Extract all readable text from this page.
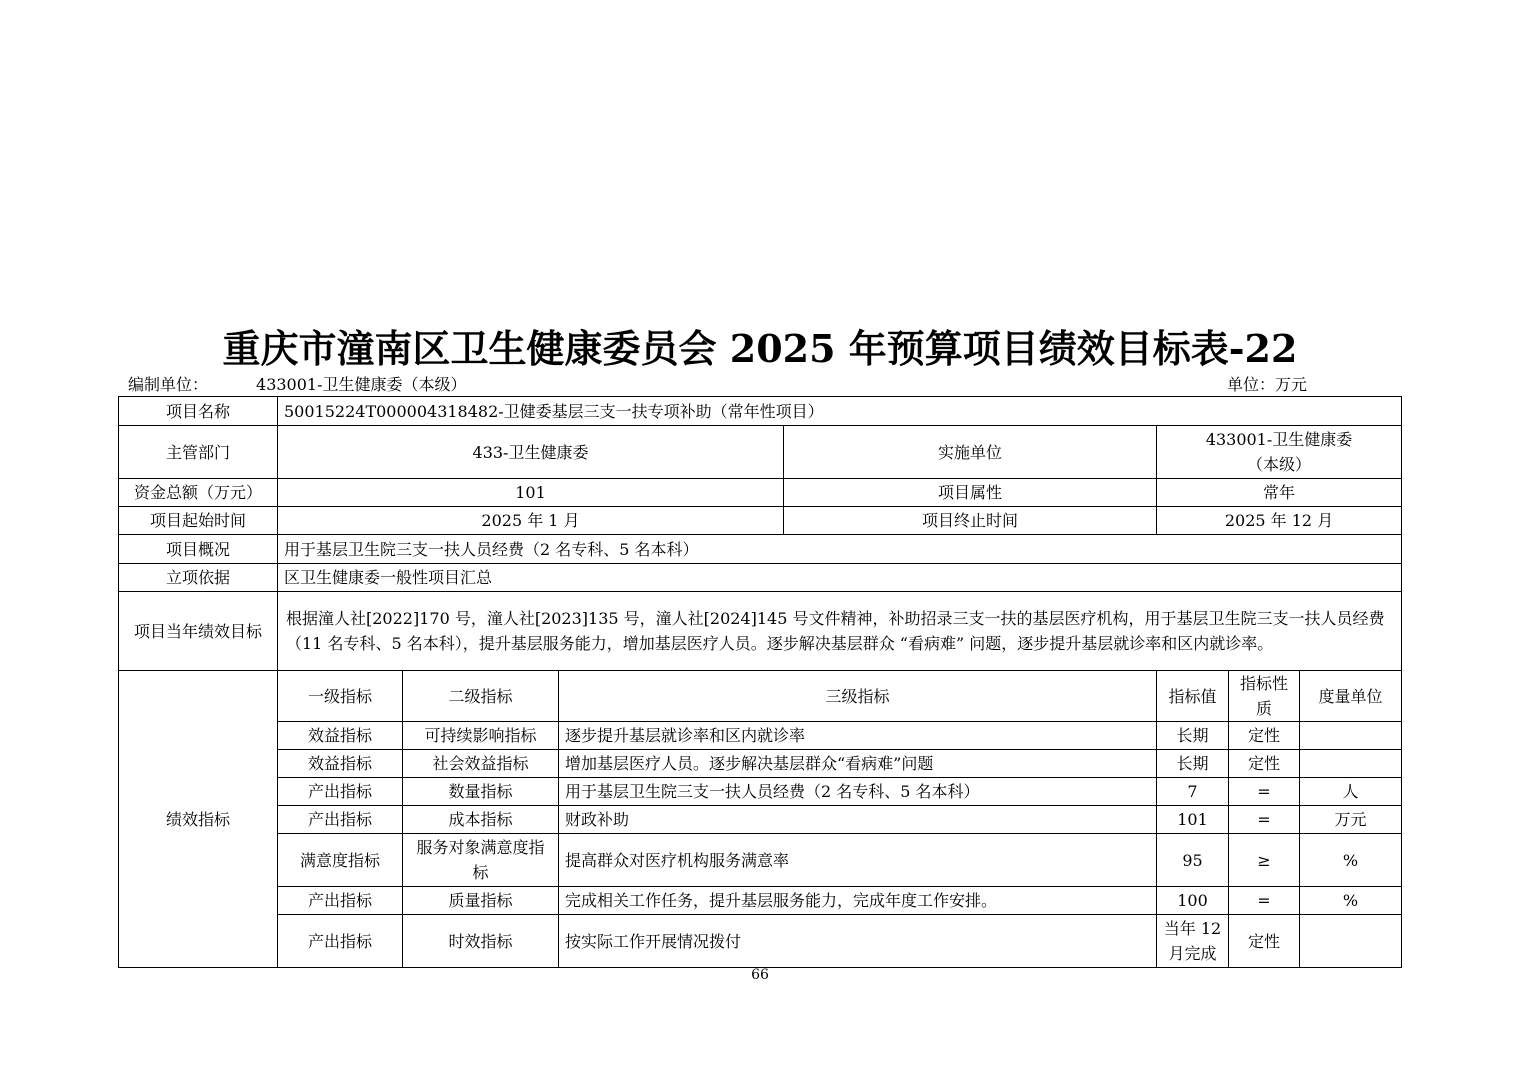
重庆市潼南区卫生健康委员会 2025 年预算项目绩效目标表-22
编制单位：	433001-卫生健康委（本级）	单位：万元
项目名称	50015224T000004318482-卫健委基层三支一扶专项补助（常年性项目）						
主管部门	433-卫生健康委			实施单位	433001-卫生健康委
（本级）		
资金总额（万元）	101			项目属性	常年		
项目起始时间	2025 年 1 月			项目终止时间	2025 年 12 月		
项目概况	用于基层卫生院三支一扶人员经费（2 名专科、5 名本科）						
立项依据	区卫生健康委一般性项目汇总						
项目当年绩效目标	根据潼人社[2022]170 号，潼人社[2023]135 号，潼人社[2024]145 号文件精神，补助招录三支一扶的基层医疗机构，用于基层卫生院三支一扶人员经费（11 名专科、5 名本科），提升基层服务能力，增加基层医疗人员。逐步解决基层群众 “看病难” 问题，逐步提升基层就诊率和区内就诊率。						
绩效指标	一级指标	二级指标	三级指标		指标值	指标性质	度量单位
	效益指标	可持续影响指标	逐步提升基层就诊率和区内就诊率		长期	定性	
	效益指标	社会效益指标	增加基层医疗人员。逐步解决基层群众“看病难”问题		长期	定性	
	产出指标	数量指标	用于基层卫生院三支一扶人员经费（2 名专科、5 名本科）		7	=	人
	产出指标	成本指标	财政补助		101	=	万元
	满意度指标	服务对象满意度指标	提高群众对医疗机构服务满意率		95	≥	%
	产出指标	质量指标	完成相关工作任务，提升基层服务能力，完成年度工作安排。		100	=	%
	产出指标	时效指标	按实际工作开展情况拨付		当年 12 月完成	定性	
66
